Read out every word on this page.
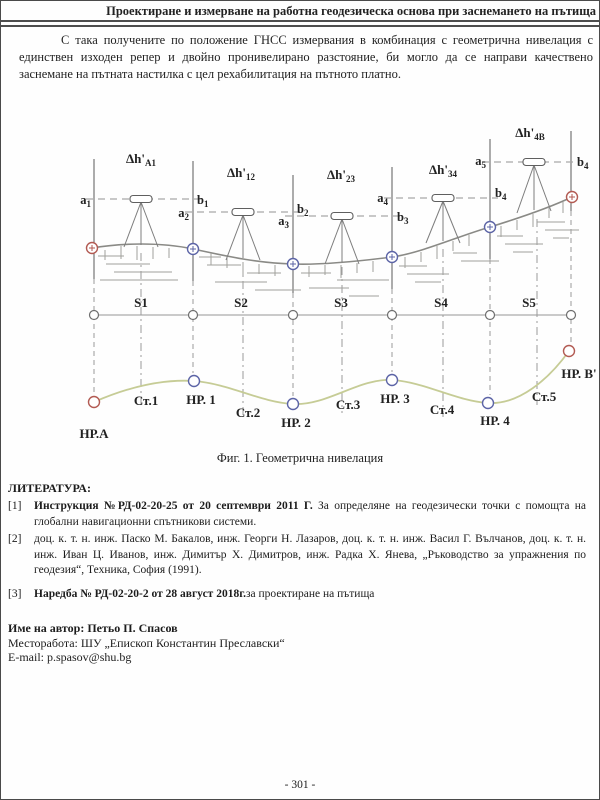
Проектиране и измерване на работна геодезическа основа при заснемането на пътища

С така получените по положение ГНСС измервания в комбинация с геометрична нивелация с единствен изходен репер и двойно пронивелирано разстояние, би могло да се направи качествено заснемане на пътната настилка с цел рехабилитация на пътното платно.

$\Delta h'_{А1}$
$\Delta h'_{12}$	$\Delta h'_{23}$
$\Delta h'_{34}$
$\Delta h'_{4В}$
$a_1$	$b_1$
$a_2$
$b_2$
$a_3$
$b_3$
$a_4$
$b_4$
$a_5$	$b_4$
S1	S2	S3	S4	S5
НР.А
Ст.1 НР. 1
Ст.2
НР. 2
Ст.3 НР. 3
Ст.4
НР. 4
Ст.5
НР. В'
Фиг. 1. Геометрична нивелация
ЛИТЕРАТУРА:
[1] Инструкция №РД-02-20-25 от 20 септември 2011 Г. За определяне на геодезически точки с помощта на глобални навигационни спътникови системи.
[2] доц. к. т. н. инж. Паско М. Бакалов, инж. Георги Н. Лазаров, доц. к. т. н. инж. Васил Г. Вълчанов, доц. к. т. н. инж. Иван Ц. Иванов, инж. Димитър Х. Димитров, инж. Радка Х. Янева, „Ръководство за упражнения по геодезия“, Техника, София (1991).
[3] Наредба № РД-02-20-2 от 28 август 2018г.за проектиране на пътища
Име на автор: Петьо П. Спасов
Месторабота: ШУ „Епископ Константин Преславски“
E-mail: p.spasov@shu.bg
- 301 -
